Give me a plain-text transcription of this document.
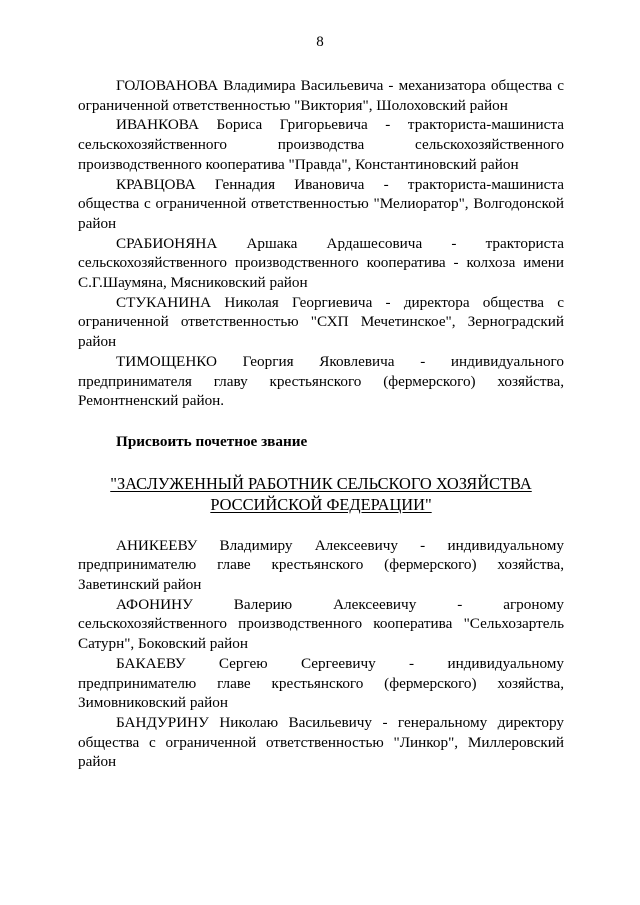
8

ГОЛОВАНОВА Владимира Васильевича - механизатора общества с ограниченной ответственностью "Виктория", Шолоховский район

ИВАНКОВА Бориса Григорьевича - тракториста-машиниста сельскохозяйственного производства сельскохозяйственного производственного кооператива "Правда", Константиновский район

КРАВЦОВА Геннадия Ивановича - тракториста-машиниста общества с ограниченной ответственностью "Мелиоратор", Волгодонской район

СРАБИОНЯНА Аршака Ардашесовича - тракториста сельскохозяйственного производственного кооператива - колхоза имени С.Г.Шаумяна, Мясниковский район

СТУКАНИНА Николая Георгиевича - директора общества с ограниченной ответственностью "СХП Мечетинское", Зерноградский район

ТИМОЩЕНКО Георгия Яковлевича - индивидуального предпринимателя главу крестьянского (фермерского) хозяйства, Ремонтненский район.

Присвоить почетное звание

"ЗАСЛУЖЕННЫЙ РАБОТНИК СЕЛЬСКОГО ХОЗЯЙСТВА
РОССИЙСКОЙ ФЕДЕРАЦИИ"

АНИКЕЕВУ Владимиру Алексеевичу - индивидуальному предпринимателю главе крестьянского (фермерского) хозяйства, Заветинский район

АФОНИНУ Валерию Алексеевичу - агроному сельскохозяйственного производственного кооператива "Сельхозартель Сатурн", Боковский район

БАКАЕВУ Сергею Сергеевичу - индивидуальному предпринимателю главе крестьянского (фермерского) хозяйства, Зимовниковский район

БАНДУРИНУ Николаю Васильевичу - генеральному директору общества с ограниченной ответственностью "Линкор", Миллеровский район
